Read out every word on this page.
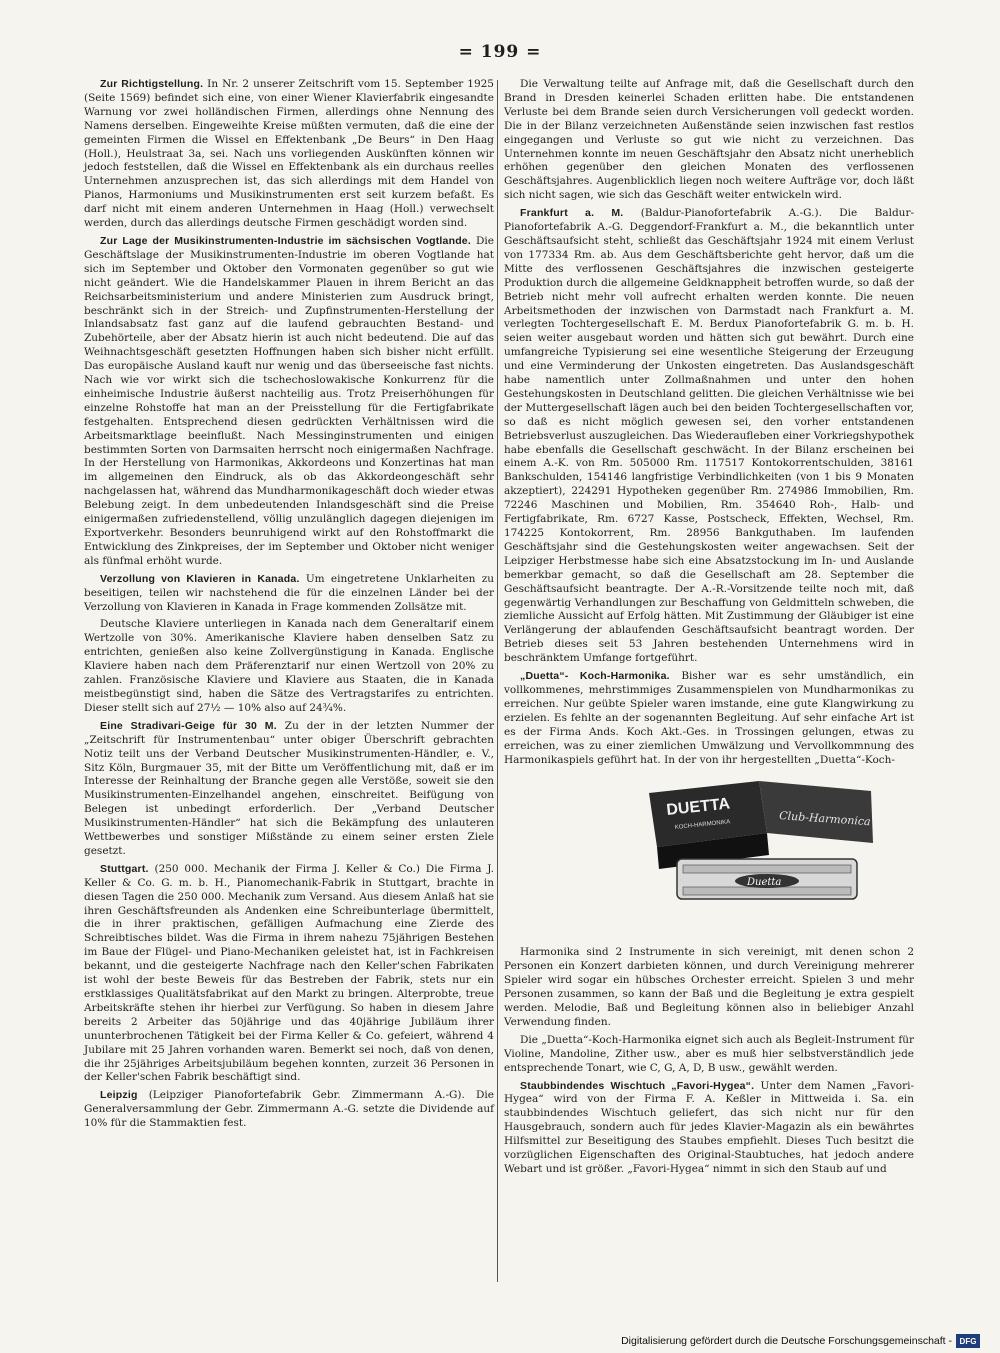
= 199 =

Zur Richtigstellung. In Nr. 2 unserer Zeitschrift vom 15. September 1925 (Seite 1569) befindet sich eine, von einer Wiener Klavierfabrik eingesandte Warnung vor zwei holländischen Firmen, allerdings ohne Nennung des Namens derselben. Eingeweihte Kreise müßten vermuten, daß die eine der gemeinten Firmen die Wissel en Effektenbank „De Beurs“ in Den Haag (Holl.), Heulstraat 3a, sei. Nach uns vorliegenden Auskünften können wir jedoch feststellen, daß die Wissel en Effektenbank als ein durchaus reelles Unternehmen anzusprechen ist, das sich allerdings mit dem Handel von Pianos, Harmoniums und Musikinstrumenten erst seit kurzem befaßt. Es darf nicht mit einem anderen Unternehmen in Haag (Holl.) verwechselt werden, durch das allerdings deutsche Firmen geschädigt worden sind.

Zur Lage der Musikinstrumenten-Industrie im sächsischen Vogtlande. Die Geschäftslage der Musikinstrumenten-Industrie im oberen Vogtlande hat sich im September und Oktober den Vormonaten gegenüber so gut wie nicht geändert. Wie die Handelskammer Plauen in ihrem Bericht an das Reichsarbeitsministerium und andere Ministerien zum Ausdruck bringt, beschränkt sich in der Streich- und Zupfinstrumenten-Herstellung der Inlandsabsatz fast ganz auf die laufend gebrauchten Bestand- und Zubehörteile, aber der Absatz hierin ist auch nicht bedeutend. Die auf das Weihnachtsgeschäft gesetzten Hoffnungen haben sich bisher nicht erfüllt. Das europäische Ausland kauft nur wenig und das überseeische fast nichts. Nach wie vor wirkt sich die tschechoslowakische Konkurrenz für die einheimische Industrie äußerst nachteilig aus. Trotz Preiserhöhungen für einzelne Rohstoffe hat man an der Preisstellung für die Fertigfabrikate festgehalten. Entsprechend diesen gedrückten Verhältnissen wird die Arbeitsmarktlage beeinflußt. Nach Messinginstrumenten und einigen bestimmten Sorten von Darmsaiten herrscht noch einigermaßen Nachfrage. In der Herstellung von Harmonikas, Akkordeons und Konzertinas hat man im allgemeinen den Eindruck, als ob das Akkordeongeschäft sehr nachgelassen hat, während das Mundharmonikageschäft doch wieder etwas Belebung zeigt. In dem unbedeutenden Inlandsgeschäft sind die Preise einigermaßen zufriedenstellend, völlig unzulänglich dagegen diejenigen im Exportverkehr. Besonders beunruhigend wirkt auf den Rohstoffmarkt die Entwicklung des Zinkpreises, der im September und Oktober nicht weniger als fünfmal erhöht wurde.

Verzollung von Klavieren in Kanada. Um eingetretene Unklarheiten zu beseitigen, teilen wir nachstehend die für die einzelnen Länder bei der Verzollung von Klavieren in Kanada in Frage kommenden Zollsätze mit.

Deutsche Klaviere unterliegen in Kanada nach dem Generaltarif einem Wertzolle von 30%. Amerikanische Klaviere haben denselben Satz zu entrichten, genießen also keine Zollvergünstigung in Kanada. Englische Klaviere haben nach dem Präferenztarif nur einen Wertzoll von 20% zu zahlen. Französische Klaviere und Klaviere aus Staaten, die in Kanada meistbegünstigt sind, haben die Sätze des Vertragstarifes zu entrichten. Dieser stellt sich auf 27½ — 10% also auf 24¾%.

Eine Stradivari-Geige für 30 M. Zu der in der letzten Nummer der „Zeitschrift für Instrumentenbau“ unter obiger Überschrift gebrachten Notiz teilt uns der Verband Deutscher Musikinstrumenten-Händler, e. V., Sitz Köln, Burgmauer 35, mit der Bitte um Veröffentlichung mit, daß er im Interesse der Reinhaltung der Branche gegen alle Verstöße, soweit sie den Musikinstrumenten-Einzelhandel angehen, einschreitet. Beifügung von Belegen ist unbedingt erforderlich. Der „Verband Deutscher Musikinstrumenten-Händler“ hat sich die Bekämpfung des unlauteren Wettbewerbes und sonstiger Mißstände zu einem seiner ersten Ziele gesetzt.

Stuttgart. (250 000. Mechanik der Firma J. Keller & Co.) Die Firma J. Keller & Co. G. m. b. H., Pianomechanik-Fabrik in Stuttgart, brachte in diesen Tagen die 250 000. Mechanik zum Versand. Aus diesem Anlaß hat sie ihren Geschäftsfreunden als Andenken eine Schreibunterlage übermittelt, die in ihrer praktischen, gefälligen Aufmachung eine Zierde des Schreibtisches bildet. Was die Firma in ihrem nahezu 75jährigen Bestehen im Baue der Flügel- und Piano-Mechaniken geleistet hat, ist in Fachkreisen bekannt, und die gesteigerte Nachfrage nach den Keller'schen Fabrikaten ist wohl der beste Beweis für das Bestreben der Fabrik, stets nur ein erstklassiges Qualitätsfabrikat auf den Markt zu bringen. Alterprobte, treue Arbeitskräfte stehen ihr hierbei zur Verfügung. So haben in diesem Jahre bereits 2 Arbeiter das 50jährige und das 40jährige Jubiläum ihrer ununterbrochenen Tätigkeit bei der Firma Keller & Co. gefeiert, während 4 Jubilare mit 25 Jahren vorhanden waren. Bemerkt sei noch, daß von denen, die ihr 25jähriges Arbeitsjubiläum begehen konnten, zurzeit 36 Personen in der Keller'schen Fabrik beschäftigt sind.

Leipzig (Leipziger Pianofortefabrik Gebr. Zimmermann A.-G). Die Generalversammlung der Gebr. Zimmermann A.-G. setzte die Dividende auf 10% für die Stammaktien fest.

Die Verwaltung teilte auf Anfrage mit, daß die Gesellschaft durch den Brand in Dresden keinerlei Schaden erlitten habe. Die entstandenen Verluste bei dem Brande seien durch Versicherungen voll gedeckt worden. Die in der Bilanz verzeichneten Außenstände seien inzwischen fast restlos eingegangen und Verluste so gut wie nicht zu verzeichnen. Das Unternehmen konnte im neuen Geschäftsjahr den Absatz nicht unerheblich erhöhen gegenüber den gleichen Monaten des verflossenen Geschäftsjahres. Augenblicklich liegen noch weitere Aufträge vor, doch läßt sich nicht sagen, wie sich das Geschäft weiter entwickeln wird.

Frankfurt a. M. (Baldur-Pianofortefabrik A.-G.). Die Baldur-Pianofortefabrik A.-G. Deggendorf-Frankfurt a. M., die bekanntlich unter Geschäftsaufsicht steht, schließt das Geschäftsjahr 1924 mit einem Verlust von 177334 Rm. ab. Aus dem Geschäftsberichte geht hervor, daß um die Mitte des verflossenen Geschäftsjahres die inzwischen gesteigerte Produktion durch die allgemeine Geldknappheit betroffen wurde, so daß der Betrieb nicht mehr voll aufrecht erhalten werden konnte. Die neuen Arbeitsmethoden der inzwischen von Darmstadt nach Frankfurt a. M. verlegten Tochtergesellschaft E. M. Berdux Pianofortefabrik G. m. b. H. seien weiter ausgebaut worden und hätten sich gut bewährt. Durch eine umfangreiche Typisierung sei eine wesentliche Steigerung der Erzeugung und eine Verminderung der Unkosten eingetreten. Das Auslandsgeschäft habe namentlich unter Zollmaßnahmen und unter den hohen Gestehungskosten in Deutschland gelitten. Die gleichen Verhältnisse wie bei der Muttergesellschaft lägen auch bei den beiden Tochtergesellschaften vor, so daß es nicht möglich gewesen sei, den vorher entstandenen Betriebsverlust auszugleichen. Das Wiederaufleben einer Vorkriegshypothek habe ebenfalls die Gesellschaft geschwächt. In der Bilanz erscheinen bei einem A.-K. von Rm. 505000 Rm. 117517 Kontokorrentschulden, 38161 Bankschulden, 154146 langfristige Verbindlichkeiten (von 1 bis 9 Monaten akzeptiert), 224291 Hypotheken gegenüber Rm. 274986 Immobilien, Rm. 72246 Maschinen und Mobilien, Rm. 354640 Roh-, Halb- und Fertigfabrikate, Rm. 6727 Kasse, Postscheck, Effekten, Wechsel, Rm. 174225 Kontokorrent, Rm. 28956 Bankguthaben. Im laufenden Geschäftsjahr sind die Gestehungskosten weiter angewachsen. Seit der Leipziger Herbstmesse habe sich eine Absatzstockung im In- und Auslande bemerkbar gemacht, so daß die Gesellschaft am 28. September die Geschäftsaufsicht beantragte. Der A.-R.-Vorsitzende teilte noch mit, daß gegenwärtig Verhandlungen zur Beschaffung von Geldmitteln schweben, die ziemliche Aussicht auf Erfolg hätten. Mit Zustimmung der Gläubiger ist eine Verlängerung der ablaufenden Geschäftsaufsicht beantragt worden. Der Betrieb dieses seit 53 Jahren bestehenden Unternehmens wird in beschränktem Umfange fortgeführt.

„Duetta“- Koch-Harmonika. Bisher war es sehr umständlich, ein vollkommenes, mehrstimmiges Zusammenspielen von Mundharmonikas zu erreichen. Nur geübte Spieler waren imstande, eine gute Klangwirkung zu erzielen. Es fehlte an der sogenannten Begleitung. Auf sehr einfache Art ist es der Firma Ands. Koch Akt.-Ges. in Trossingen gelungen, etwas zu erreichen, was zu einer ziemlichen Umwälzung und Vervollkommnung des Harmonikaspiels geführt hat. In der von ihr hergestellten „Duetta“-Koch-

DUETTA
KOCH-HARMONIKA	Club-Harmonica
Duetta

Harmonika sind 2 Instrumente in sich vereinigt, mit denen schon 2 Personen ein Konzert darbieten können, und durch Vereinigung mehrerer Spieler wird sogar ein hübsches Orchester erreicht. Spielen 3 und mehr Personen zusammen, so kann der Baß und die Begleitung je extra gespielt werden. Melodie, Baß und Begleitung können also in beliebiger Anzahl Verwendung finden.

Die „Duetta“-Koch-Harmonika eignet sich auch als Begleit-Instrument für Violine, Mandoline, Zither usw., aber es muß hier selbstverständlich jede entsprechende Tonart, wie C, G, A, D, B usw., gewählt werden.

Staubbindendes Wischtuch „Favori-Hygea“. Unter dem Namen „Favori-Hygea“ wird von der Firma F. A. Keßler in Mittweida i. Sa. ein staubbindendes Wischtuch geliefert, das sich nicht nur für den Hausgebrauch, sondern auch für jedes Klavier-Magazin als ein bewährtes Hilfsmittel zur Beseitigung des Staubes empfiehlt. Dieses Tuch besitzt die vorzüglichen Eigenschaften des Original-Staubtuches, hat jedoch andere Webart und ist größer. „Favori-Hygea“ nimmt in sich den Staub auf und

Digitalisierung gefördert durch die Deutsche Forschungsgemeinschaft - DFG
